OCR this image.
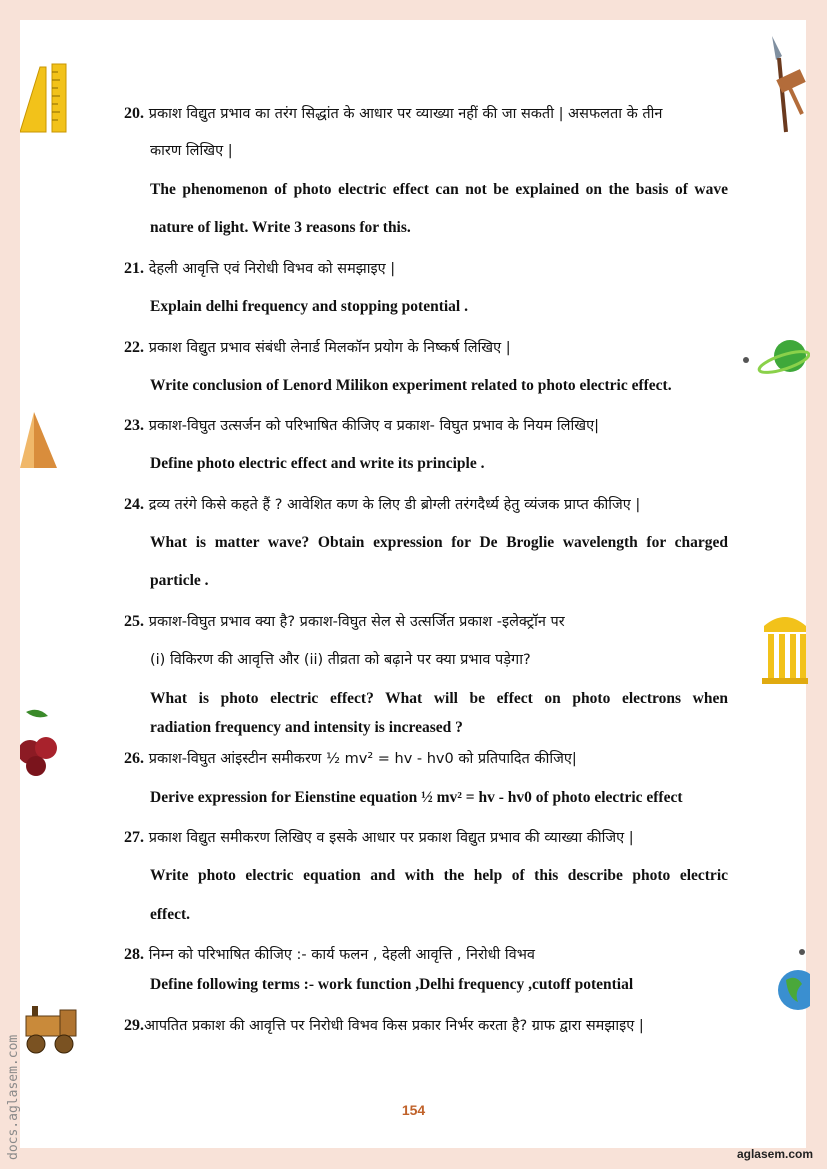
20. प्रकाश विद्युत प्रभाव का तरंग सिद्धांत के आधार पर व्याख्या नहीं की जा सकती | असफलता के तीन
कारण लिखिए |
The phenomenon of photo electric effect can not be explained on the basis of wave
nature of light. Write 3 reasons for this.
21. देहली आवृत्ति एवं निरोधी विभव को समझाइए |
Explain delhi frequency and stopping potential .
22. प्रकाश विद्युत प्रभाव संबंधी लेनार्ड मिलकॉन प्रयोग के निष्कर्ष लिखिए |
Write conclusion of Lenord Milikon experiment related to photo electric effect.
23. प्रकाश-विघुत उत्सर्जन को परिभाषित कीजिए व प्रकाश- विघुत प्रभाव के नियम लिखिए|
Define photo electric effect and write its principle .
24. द्रव्य तरंगे किसे कहते हैं ? आवेशित कण के लिए डी ब्रोग्ली तरंगदैर्ध्य हेतु व्यंजक प्राप्त कीजिए |
What is matter wave? Obtain expression for De Broglie wavelength for charged
particle .
25. प्रकाश-विघुत प्रभाव क्या है? प्रकाश-विघुत सेल से उत्सर्जित प्रकाश -इलेक्ट्रॉन पर
(i) विकिरण की आवृत्ति और (ii) तीव्रता को बढ़ाने पर क्या प्रभाव पड़ेगा?
What is photo electric effect? What will be effect on photo electrons when
radiation frequency and intensity is increased ?
26. प्रकाश-विघुत आंइस्टीन समीकरण ½ mv² = hv - hv0 को प्रतिपादित कीजिए|
Derive expression for Eienstine equation ½ mv² = hv - hv0 of photo electric effect
27. प्रकाश विद्युत समीकरण लिखिए व इसके आधार पर प्रकाश विद्युत प्रभाव की व्याख्या कीजिए |
Write photo electric equation and with the help of this describe photo electric
effect.
28. निम्न को परिभाषित कीजिए :- कार्य फलन , देहली आवृत्ति , निरोधी विभव
Define following terms :- work function ,Delhi frequency ,cutoff potential
29.आपतित प्रकाश की आवृत्ति पर निरोधी विभव किस प्रकार निर्भर करता है? ग्राफ द्वारा समझाइए |
154
aglasem.com
docs.aglasem.com
